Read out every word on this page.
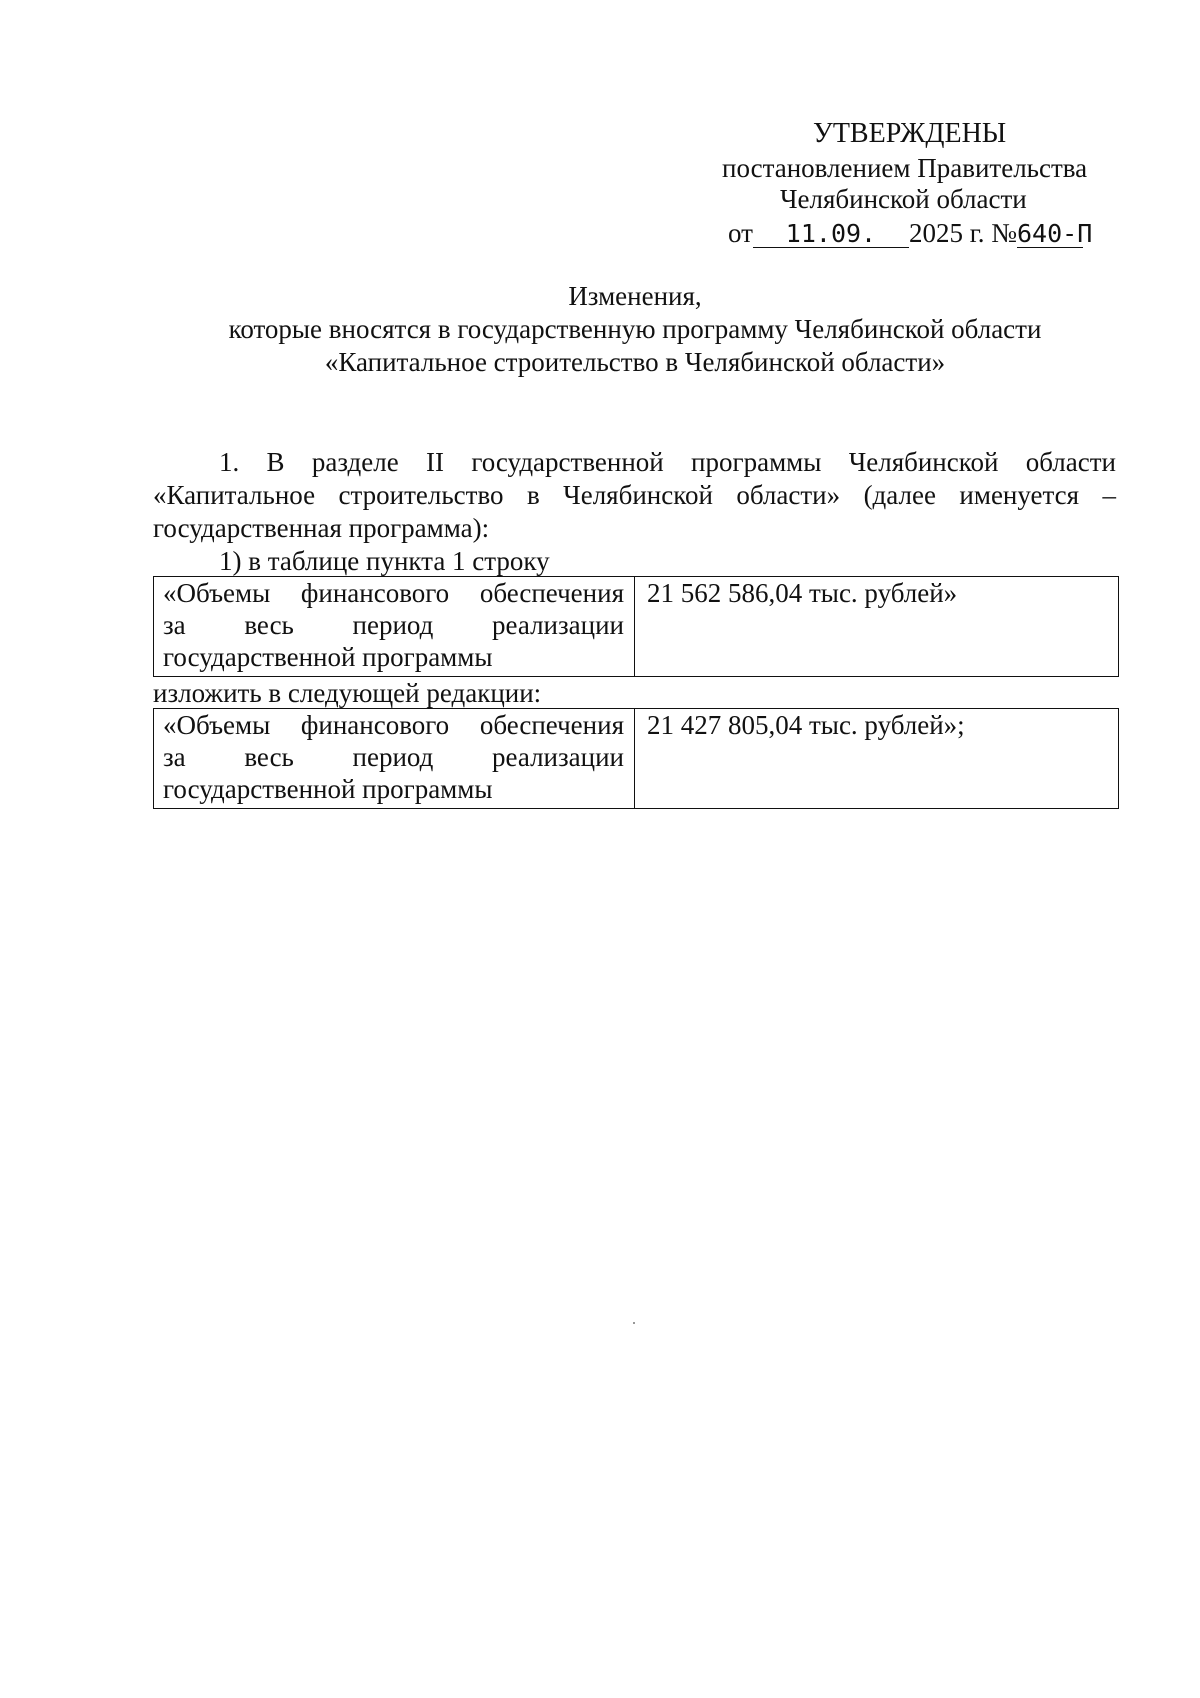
УТВЕРЖДЕНЫ
постановлением Правительства
Челябинской области
от 11.09. 2025 г. №640-П
Изменения,
которые вносятся в государственную программу Челябинской области
«Капитальное строительство в Челябинской области»
1. В разделе II государственной программы Челябинской области
«Капитальное строительство в Челябинской области» (далее именуется –
государственная программа):
1) в таблице пункта 1 строку
«Объемы финансового обеспечения
за весь период реализации
государственной программы
21 562 586,04 тыс. рублей»
изложить в следующей редакции:
«Объемы финансового обеспечения
за весь период реализации
государственной программы
21 427 805,04 тыс. рублей»;
